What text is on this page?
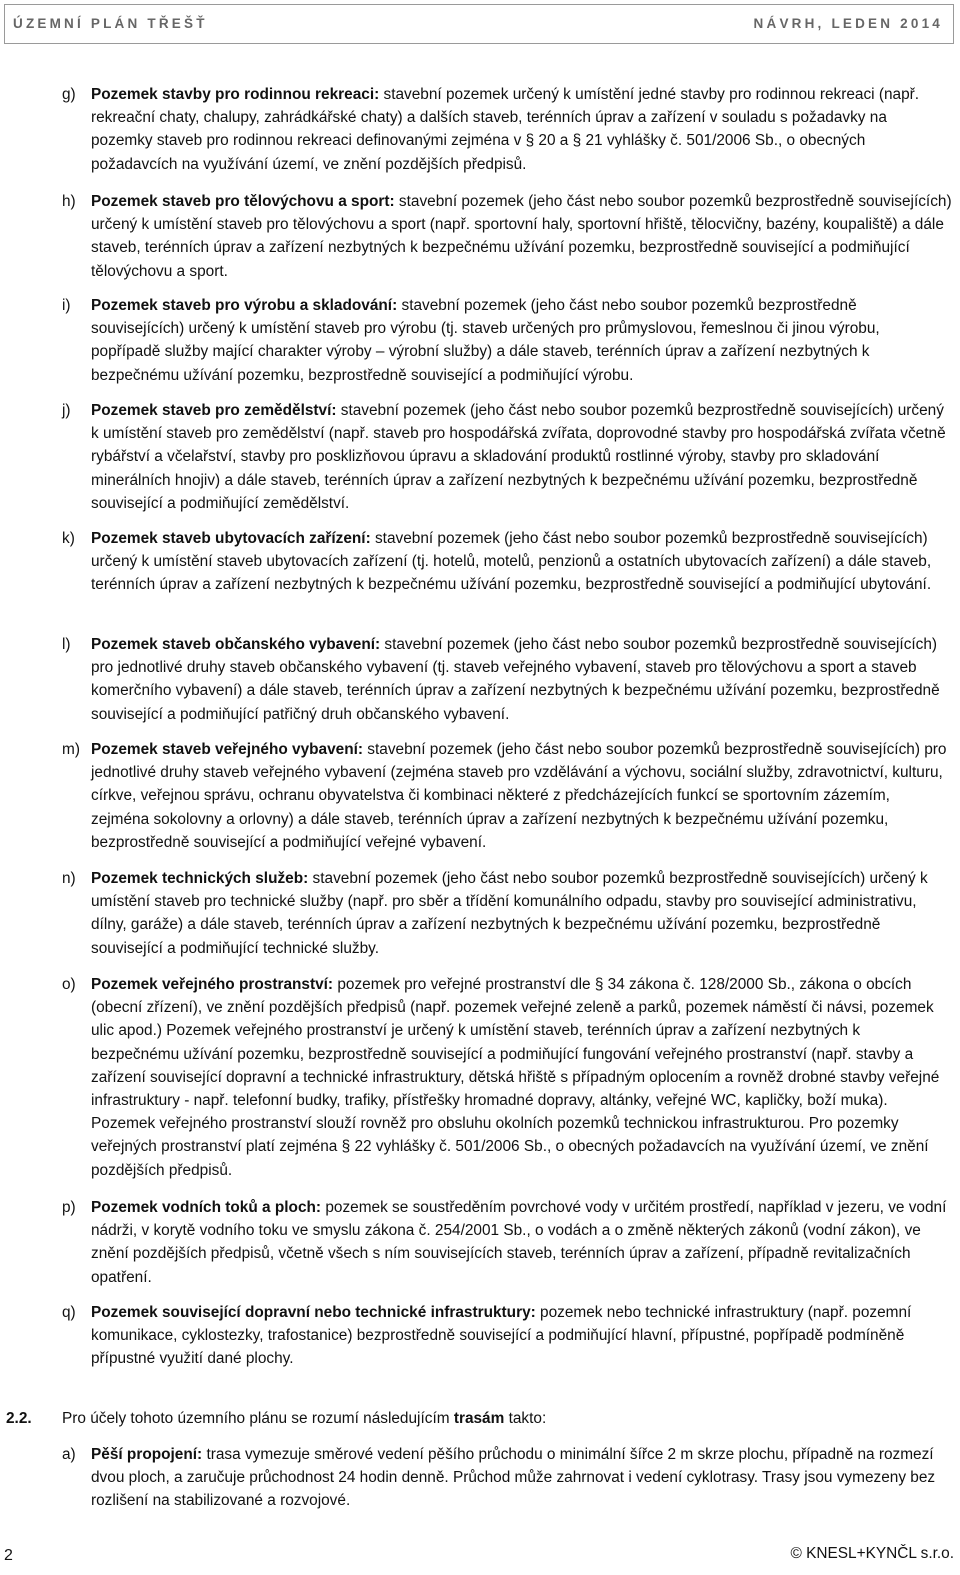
ÚZEMNÍ PLÁN TŘEŠŤ	NÁVRH, LEDEN 2014
g) Pozemek stavby pro rodinnou rekreaci: stavební pozemek určený k umístění jedné stavby pro rodinnou rekreaci (např. rekreační chaty, chalupy, zahrádkářské chaty) a dalších staveb, terénních úprav a zařízení v souladu s požadavky na pozemky staveb pro rodinnou rekreaci definovanými zejména v § 20 a § 21 vyhlášky č. 501/2006 Sb., o obecných požadavcích na využívání území, ve znění pozdějších předpisů.
h) Pozemek staveb pro tělovýchovu a sport: stavební pozemek (jeho část nebo soubor pozemků bezprostředně souvisejících) určený k umístění staveb pro tělovýchovu a sport (např. sportovní haly, sportovní hřiště, tělocvičny, bazény, koupaliště) a dále staveb, terénních úprav a zařízení nezbytných k bezpečnému užívání pozemku, bezprostředně související a podmiňující tělovýchovu a sport.
i) Pozemek staveb pro výrobu a skladování: stavební pozemek (jeho část nebo soubor pozemků bezprostředně souvisejících) určený k umístění staveb pro výrobu (tj. staveb určených pro průmyslovou, řemeslnou či jinou výrobu, popřípadě služby mající charakter výroby – výrobní služby) a dále staveb, terénních úprav a zařízení nezbytných k bezpečnému užívání pozemku, bezprostředně související a podmiňující výrobu.
j) Pozemek staveb pro zemědělství: stavební pozemek (jeho část nebo soubor pozemků bezprostředně souvisejících) určený k umístění staveb pro zemědělství (např. staveb pro hospodářská zvířata, doprovodné stavby pro hospodářská zvířata včetně rybářství a včelařství, stavby pro posklizňovou úpravu a skladování produktů rostlinné výroby, stavby pro skladování minerálních hnojiv) a dále staveb, terénních úprav a zařízení nezbytných k bezpečnému užívání pozemku, bezprostředně související a podmiňující zemědělství.
k) Pozemek staveb ubytovacích zařízení: stavební pozemek (jeho část nebo soubor pozemků bezprostředně souvisejících) určený k umístění staveb ubytovacích zařízení (tj. hotelů, motelů, penzionů a ostatních ubytovacích zařízení) a dále staveb, terénních úprav a zařízení nezbytných k bezpečnému užívání pozemku, bezprostředně související a podmiňující ubytování.
l) Pozemek staveb občanského vybavení: stavební pozemek (jeho část nebo soubor pozemků bezprostředně souvisejících) pro jednotlivé druhy staveb občanského vybavení (tj. staveb veřejného vybavení, staveb pro tělovýchovu a sport a staveb komerčního vybavení) a dále staveb, terénních úprav a zařízení nezbytných k bezpečnému užívání pozemku, bezprostředně související a podmiňující patřičný druh občanského vybavení.
m) Pozemek staveb veřejného vybavení: stavební pozemek (jeho část nebo soubor pozemků bezprostředně souvisejících) pro jednotlivé druhy staveb veřejného vybavení (zejména staveb pro vzdělávání a výchovu, sociální služby, zdravotnictví, kulturu, církve, veřejnou správu, ochranu obyvatelstva či kombinaci některé z předcházejících funkcí se sportovním zázemím, zejména sokolovny a orlovny) a dále staveb, terénních úprav a zařízení nezbytných k bezpečnému užívání pozemku, bezprostředně související a podmiňující veřejné vybavení.
n) Pozemek technických služeb: stavební pozemek (jeho část nebo soubor pozemků bezprostředně souvisejících) určený k umístění staveb pro technické služby (např. pro sběr a třídění komunálního odpadu, stavby pro související administrativu, dílny, garáže) a dále staveb, terénních úprav a zařízení nezbytných k bezpečnému užívání pozemku, bezprostředně související a podmiňující technické služby.
o) Pozemek veřejného prostranství: pozemek pro veřejné prostranství dle § 34 zákona č. 128/2000 Sb., zákona o obcích (obecní zřízení), ve znění pozdějších předpisů (např. pozemek veřejné zeleně a parků, pozemek náměstí či návsi, pozemek ulic apod.) Pozemek veřejného prostranství je určený k umístění staveb, terénních úprav a zařízení nezbytných k bezpečnému užívání pozemku, bezprostředně související a podmiňující fungování veřejného prostranství (např. stavby a zařízení související dopravní a technické infrastruktury, dětská hřiště s případným oplocením a rovněž drobné stavby veřejné infrastruktury - např. telefonní budky, trafiky, přístřešky hromadné dopravy, altánky, veřejné WC, kapličky, boží muka). Pozemek veřejného prostranství slouží rovněž pro obsluhu okolních pozemků technickou infrastrukturou. Pro pozemky veřejných prostranství platí zejména § 22 vyhlášky č. 501/2006 Sb., o obecných požadavcích na využívání území, ve znění pozdějších předpisů.
p) Pozemek vodních toků a ploch: pozemek se soustředěním povrchové vody v určitém prostředí, například v jezeru, ve vodní nádrži, v korytě vodního toku ve smyslu zákona č. 254/2001 Sb., o vodách a o změně některých zákonů (vodní zákon), ve znění pozdějších předpisů, včetně všech s ním souvisejících staveb, terénních úprav a zařízení, případně revitalizačních opatření.
q) Pozemek související dopravní nebo technické infrastruktury: pozemek nebo technické infrastruktury (např. pozemní komunikace, cyklostezky, trafostanice) bezprostředně související a podmiňující hlavní, přípustné, popřípadě podmíněně přípustné využití dané plochy.
2.2. Pro účely tohoto územního plánu se rozumí následujícím trasám takto:
a) Pěší propojení: trasa vymezuje směrové vedení pěšího průchodu o minimální šířce 2 m skrze plochu, případně na rozmezí dvou ploch, a zaručuje průchodnost 24 hodin denně. Průchod může zahrnovat i vedení cyklotrasy. Trasy jsou vymezeny bez rozlišení na stabilizované a rozvojové.
2	© KNESL+KYNČL s.r.o.
